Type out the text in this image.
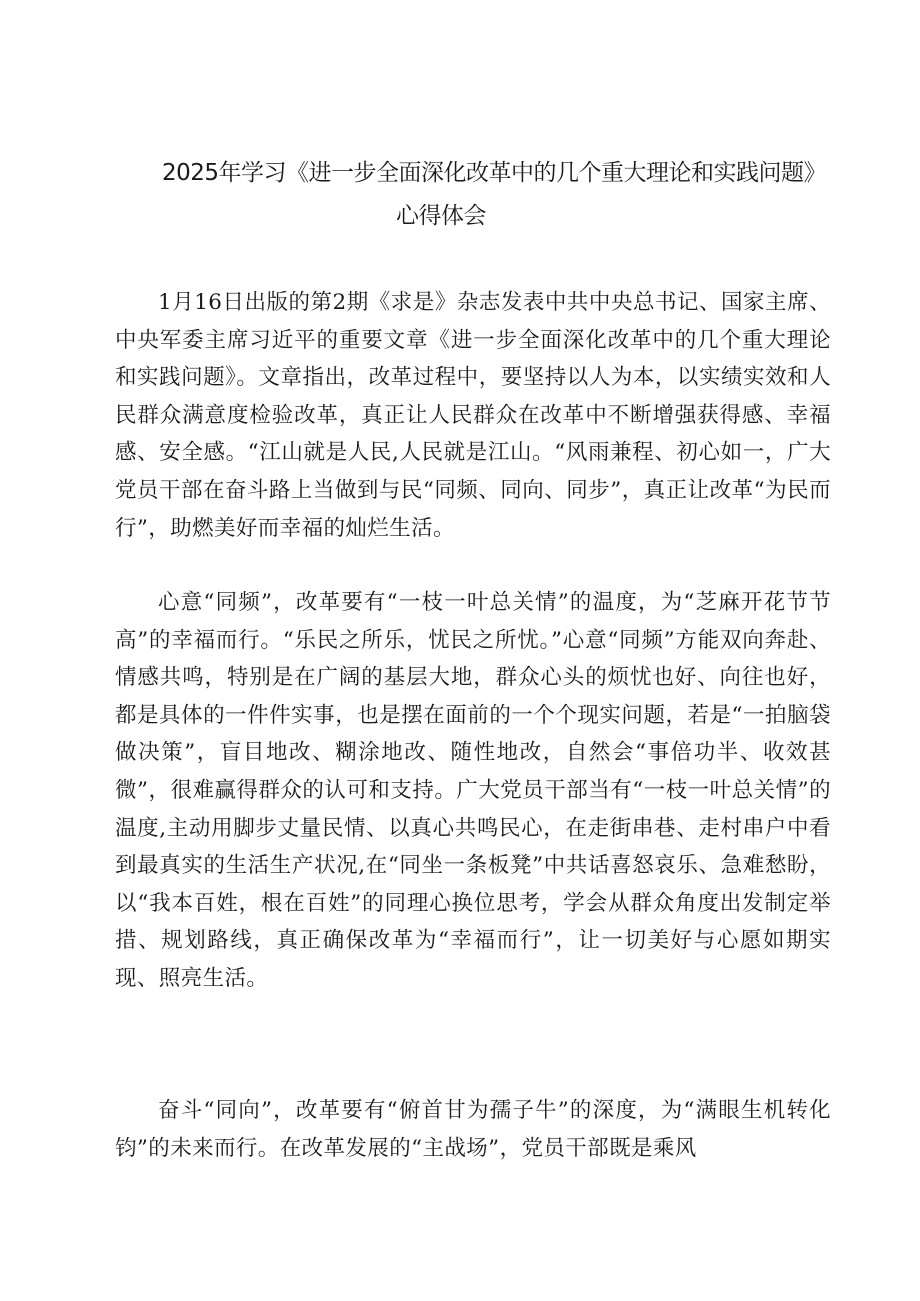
2025年学习《进一步全面深化改革中的几个重大理论和实践问题》
心得体会

1月16日出版的第2期《求是》杂志发表中共中央总书记、国家主席、中央军委主席习近平的重要文章《进一步全面深化改革中的几个重大理论和实践问题》。文章指出，改革过程中，要坚持以人为本，以实绩实效和人民群众满意度检验改革，真正让人民群众在改革中不断增强获得感、幸福感、安全感。“江山就是人民,人民就是江山。“风雨兼程、初心如一，广大党员干部在奋斗路上当做到与民“同频、同向、同步”，真正让改革“为民而行”，助燃美好而幸福的灿烂生活。

心意“同频”，改革要有“一枝一叶总关情”的温度，为“芝麻开花节节高”的幸福而行。“乐民之所乐，忧民之所忧。”心意“同频”方能双向奔赴、情感共鸣，特别是在广阔的基层大地，群众心头的烦忧也好、向往也好，都是具体的一件件实事，也是摆在面前的一个个现实问题，若是“一拍脑袋做决策”，盲目地改、糊涂地改、随性地改，自然会“事倍功半、收效甚微”，很难赢得群众的认可和支持。广大党员干部当有“一枝一叶总关情”的温度,主动用脚步丈量民情、以真心共鸣民心，在走街串巷、走村串户中看到最真实的生活生产状况,在“同坐一条板凳”中共话喜怒哀乐、急难愁盼，以“我本百姓，根在百姓”的同理心换位思考，学会从群众角度出发制定举措、规划路线，真正确保改革为“幸福而行”，让一切美好与心愿如期实现、照亮生活。

奋斗“同向”，改革要有“俯首甘为孺子牛”的深度，为“满眼生机转化钧”的未来而行。在改革发展的“主战场”，党员干部既是乘风
